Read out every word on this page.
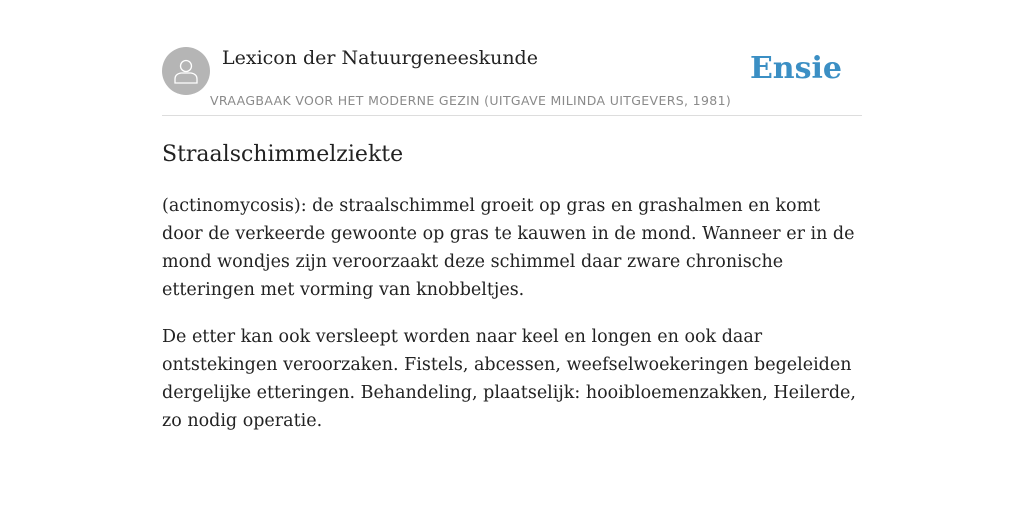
Lexicon der Natuurgeneeskunde
VRAAGBAAK VOOR HET MODERNE GEZIN (UITGAVE MILINDA UITGEVERS, 1981)
Ensie
Straalschimmelziekte

(actinomycosis): de straalschimmel groeit op gras en grashalmen en komt door de verkeerde gewoonte op gras te kauwen in de mond. Wanneer er in de mond wondjes zijn veroorzaakt deze schimmel daar zware chronische etteringen met vorming van knobbeltjes.

De etter kan ook versleept worden naar keel en longen en ook daar ontstekingen veroorzaken. Fistels, abcessen, weefselwoekeringen begeleiden dergelijke etteringen. Behandeling, plaatselijk: hooibloemenzakken, Heilerde, zo nodig operatie.
